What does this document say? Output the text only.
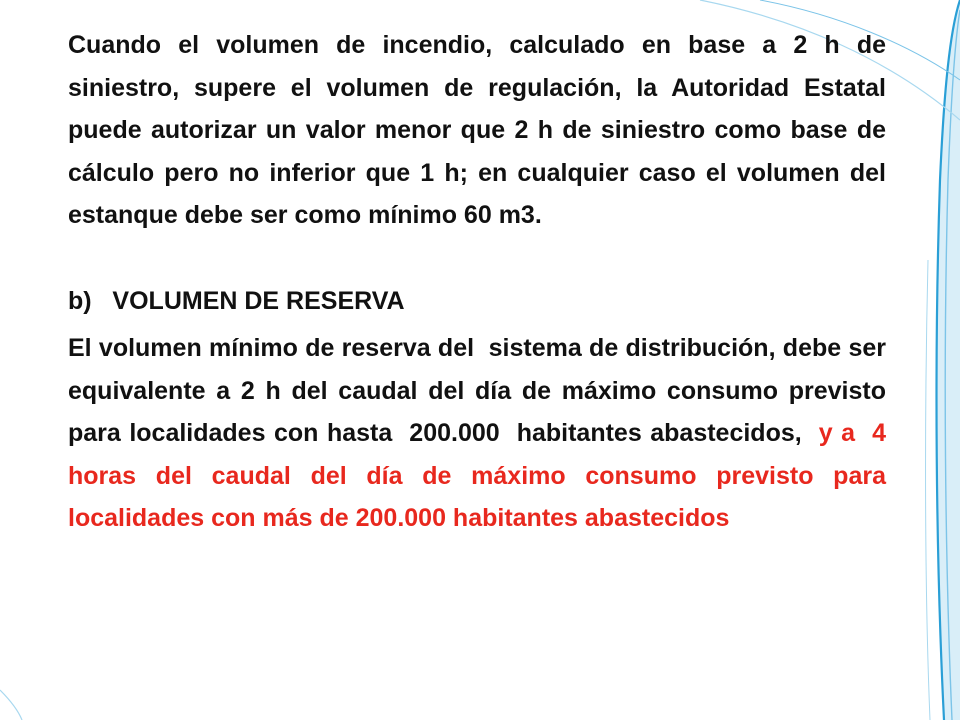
Cuando el volumen de incendio, calculado en base a 2 h de siniestro, supere el volumen de regulación, la Autoridad Estatal puede autorizar un valor menor que 2 h de siniestro como base de cálculo pero no inferior que 1 h; en cualquier caso el volumen del estanque debe ser como mínimo 60 m3.

b)   VOLUMEN DE RESERVA

El volumen mínimo de reserva del  sistema de distribución, debe ser equivalente a 2 h del caudal del día de máximo consumo previsto para localidades con hasta  200.000  habitantes abastecidos,  y a  4 horas del caudal del día de máximo consumo previsto para localidades con más de 200.000 habitantes abastecidos
